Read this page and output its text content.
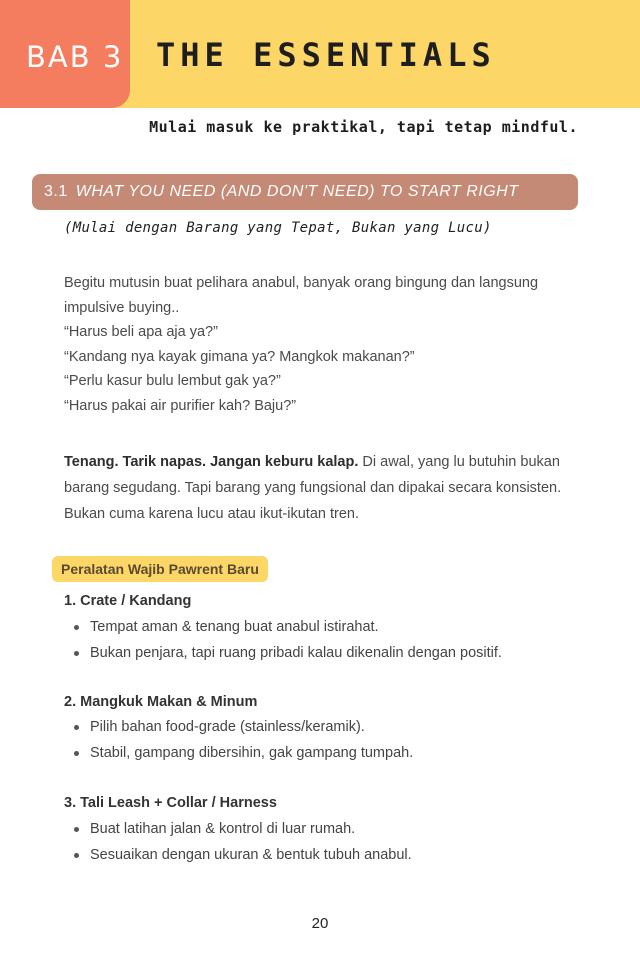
BAB 3 THE ESSENTIALS
Mulai masuk ke praktikal, tapi tetap mindful.
3.1 WHAT YOU NEED (AND DON'T NEED) TO START RIGHT
(Mulai dengan Barang yang Tepat, Bukan yang Lucu)

Begitu mutusin buat pelihara anabul, banyak orang bingung dan langsung impulsive buying..

“Harus beli apa aja ya?”

“Kandang nya kayak gimana ya? Mangkok makanan?”

“Perlu kasur bulu lembut gak ya?”

“Harus pakai air purifier kah? Baju?”

Tenang. Tarik napas. Jangan keburu kalap. Di awal, yang lu butuhin bukan barang segudang. Tapi barang yang fungsional dan dipakai secara konsisten. Bukan cuma karena lucu atau ikut-ikutan tren.

Peralatan Wajib Pawrent Baru
1. Crate / Kandang
Tempat aman & tenang buat anabul istirahat.
Bukan penjara, tapi ruang pribadi kalau dikenalin dengan positif.
2. Mangkuk Makan & Minum
Pilih bahan food-grade (stainless/keramik).
Stabil, gampang dibersihin, gak gampang tumpah.
3. Tali Leash + Collar / Harness
Buat latihan jalan & kontrol di luar rumah.
Sesuaikan dengan ukuran & bentuk tubuh anabul.
20
